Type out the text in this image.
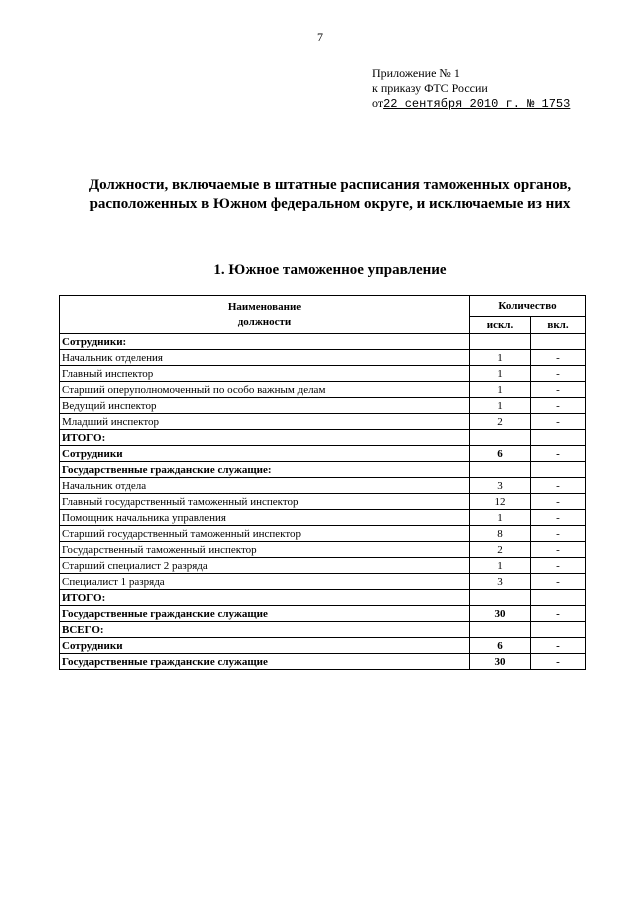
7
Приложение № 1
к приказу ФТС России
от22 сентября 2010 г. № 1753
Должности, включаемые в штатные расписания таможенных органов,
расположенных в Южном федеральном округе, и исключаемые из них
1. Южное таможенное управление
Наименование
должности	Количество	
	искл.	вкл.
Сотрудники:		
Начальник отделения	1	-
Главный инспектор	1	-
Старший оперуполномоченный по особо важным делам	1	-
Ведущий инспектор	1	-
Младший инспектор	2	-
ИТОГО:		
Сотрудники	6	-
Государственные гражданские служащие:		
Начальник отдела	3	-
Главный государственный таможенный инспектор	12	-
Помощник начальника управления	1	-
Старший государственный таможенный инспектор	8	-
Государственный таможенный инспектор	2	-
Старший специалист 2 разряда	1	-
Специалист 1 разряда	3	-
ИТОГО:		
Государственные гражданские служащие	30	-
ВСЕГО:		
Сотрудники	6	-
Государственные гражданские служащие	30	-
